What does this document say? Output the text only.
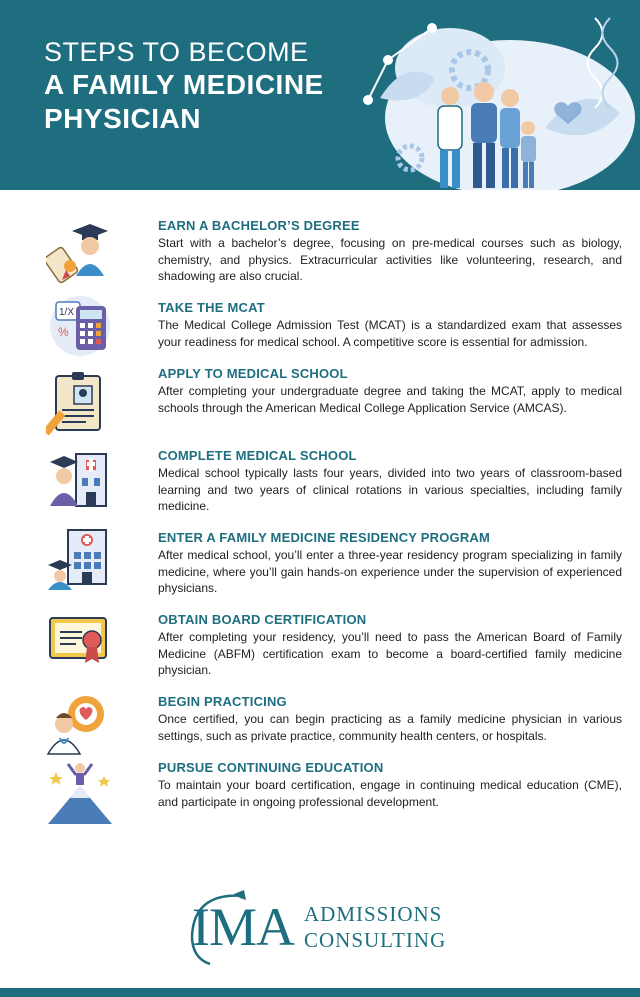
STEPS TO BECOME
A FAMILY MEDICINE
PHYSICIAN
EARN A BACHELOR’S DEGREE
Start with a bachelor’s degree, focusing on pre-medical courses such as biology, chemistry, and physics. Extracurricular activities like volunteering, research, and shadowing are also crucial.
1/X
%
TAKE THE MCAT
The Medical College Admission Test (MCAT) is a standardized exam that assesses your readiness for medical school. A competitive score is essential for admission.
APPLY TO MEDICAL SCHOOL
After completing your undergraduate degree and taking the MCAT, apply to medical schools through the American Medical College Application Service (AMCAS).
COMPLETE MEDICAL SCHOOL
Medical school typically lasts four years, divided into two years of classroom-based learning and two years of clinical rotations in various specialties, including family medicine.
ENTER A FAMILY MEDICINE RESIDENCY PROGRAM
After medical school, you’ll enter a three-year residency program specializing in family medicine, where you’ll gain hands-on experience under the supervision of experienced physicians.
OBTAIN BOARD CERTIFICATION
After completing your residency, you’ll need to pass the American Board of Family Medicine (ABFM) certification exam to become a board-certified family medicine physician.
BEGIN PRACTICING
Once certified, you can begin practicing as a family medicine physician in various settings, such as private practice, community health centers, or hospitals.
PURSUE CONTINUING EDUCATION
To maintain your board certification, engage in continuing medical education (CME), and participate in ongoing professional development.
IMA ADMISSIONS
CONSULTING
